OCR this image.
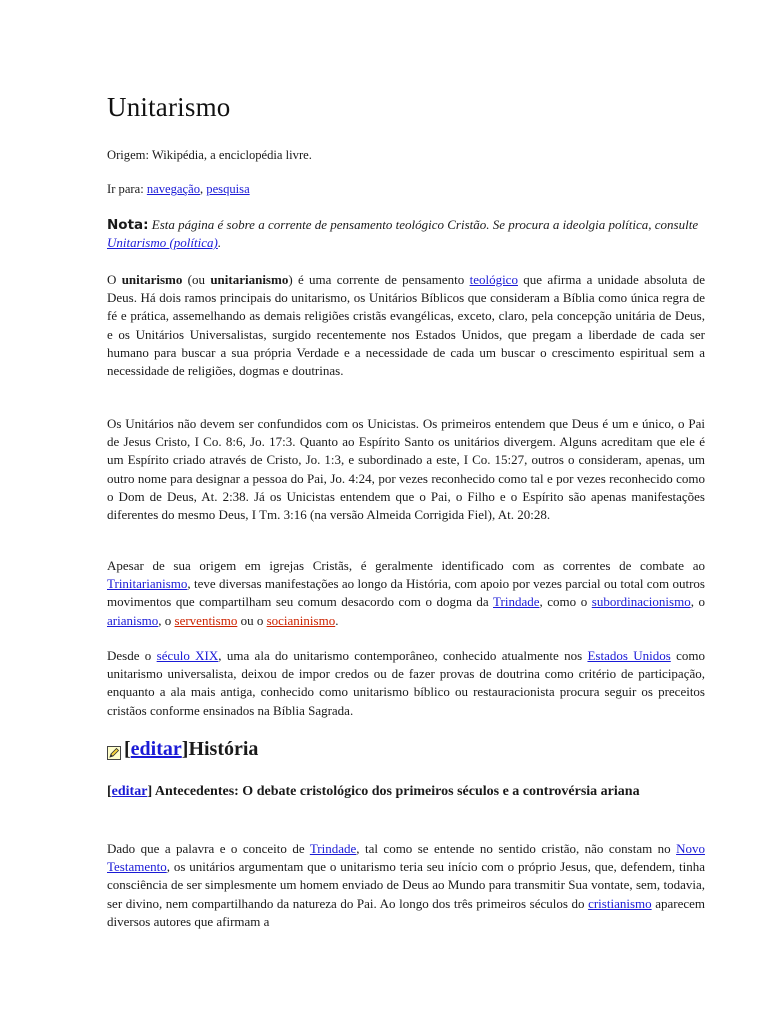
Unitarismo

Origem: Wikipédia, a enciclopédia livre.

Ir para: navegação, pesquisa

Nota: Esta página é sobre a corrente de pensamento teológico Cristão. Se procura a ideolgia política, consulte Unitarismo (política).

O unitarismo (ou unitarianismo) é uma corrente de pensamento teológico que afirma a unidade absoluta de Deus. Há dois ramos principais do unitarismo, os Unitários Bíblicos que consideram a Bíblia como única regra de fé e prática, assemelhando as demais religiões cristãs evangélicas, exceto, claro, pela concepção unitária de Deus, e os Unitários Universalistas, surgido recentemente nos Estados Unidos, que pregam a liberdade de cada ser humano para buscar a sua própria Verdade e a necessidade de cada um buscar o crescimento espiritual sem a necessidade de religiões, dogmas e doutrinas.

Os Unitários não devem ser confundidos com os Unicistas. Os primeiros entendem que Deus é um e único, o Pai de Jesus Cristo, I Co. 8:6, Jo. 17:3. Quanto ao Espírito Santo os unitários divergem. Alguns acreditam que ele é um Espírito criado através de Cristo, Jo. 1:3, e subordinado a este, I Co. 15:27, outros o consideram, apenas, um outro nome para designar a pessoa do Pai, Jo. 4:24, por vezes reconhecido como tal e por vezes reconhecido como o Dom de Deus, At. 2:38. Já os Unicistas entendem que o Pai, o Filho e o Espírito são apenas manifestações diferentes do mesmo Deus, I Tm. 3:16 (na versão Almeida Corrigida Fiel), At. 20:28.

Apesar de sua origem em igrejas Cristãs, é geralmente identificado com as correntes de combate ao Trinitarianismo, teve diversas manifestações ao longo da História, com apoio por vezes parcial ou total com outros movimentos que compartilham seu comum desacordo com o dogma da Trindade, como o subordinacionismo, o arianismo, o serventismo ou o socianinismo.

Desde o século XIX, uma ala do unitarismo contemporâneo, conhecido atualmente nos Estados Unidos como unitarismo universalista, deixou de impor credos ou de fazer provas de doutrina como critério de participação, enquanto a ala mais antiga, conhecido como unitarismo bíblico ou restauracionista procura seguir os preceitos cristãos conforme ensinados na Bíblia Sagrada.

[ editar ] História

[editar] Antecedentes: O debate cristológico dos primeiros séculos e a controvérsia ariana

Dado que a palavra e o conceito de Trindade, tal como se entende no sentido cristão, não constam no Novo Testamento, os unitários argumentam que o unitarismo teria seu início com o próprio Jesus, que, defendem, tinha consciência de ser simplesmente um homem enviado de Deus ao Mundo para transmitir Sua vontate, sem, todavia, ser divino, nem compartilhando da natureza do Pai. Ao longo dos três primeiros séculos do cristianismo aparecem diversos autores que afirmam a
